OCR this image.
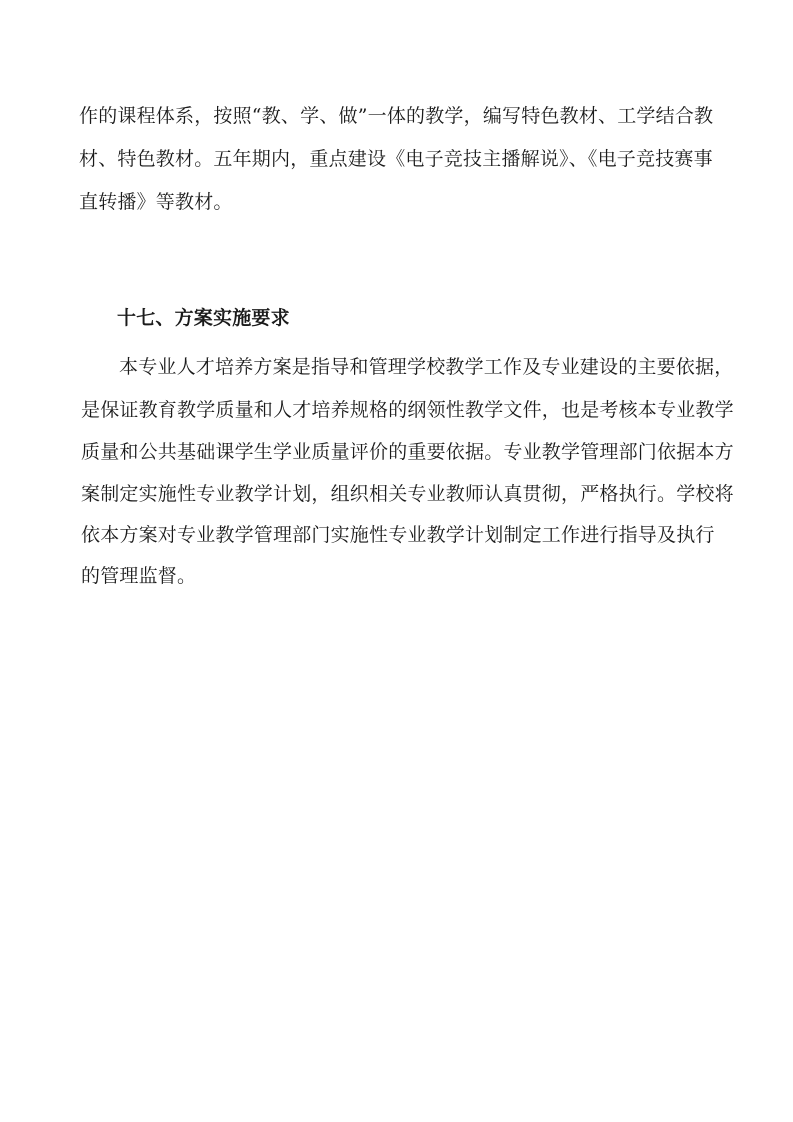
作的课程体系，按照“教、学、做”一体的教学，编写特色教材、工学结合教
材、特色教材。五年期内，重点建设《电子竞技主播解说》、《电子竞技赛事
直转播》等教材。
十七、方案实施要求
本专业人才培养方案是指导和管理学校教学工作及专业建设的主要依据，
是保证教育教学质量和人才培养规格的纲领性教学文件，也是考核本专业教学
质量和公共基础课学生学业质量评价的重要依据。专业教学管理部门依据本方
案制定实施性专业教学计划，组织相关专业教师认真贯彻，严格执行。学校将
依本方案对专业教学管理部门实施性专业教学计划制定工作进行指导及执行
的管理监督。
